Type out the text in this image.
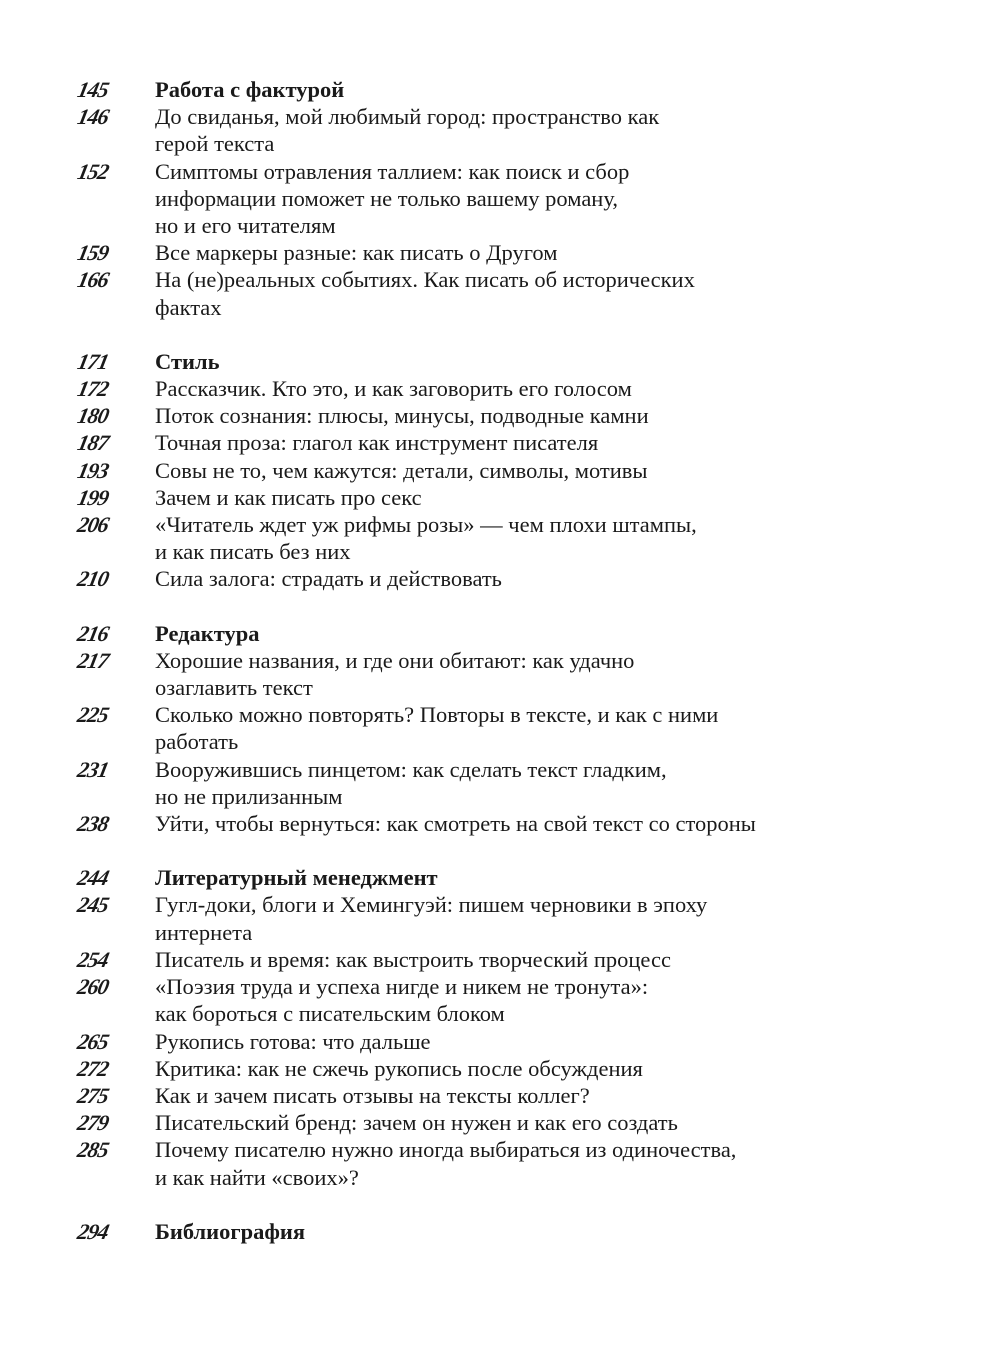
145	Работа с фактурой
146	До свиданья, мой любимый город: пространство как
герой текста
152	Симптомы отравления таллием: как поиск и сбор
информации поможет не только вашему роману,
но и его читателям
159	Все маркеры разные: как писать о Другом
166	На (не)реальных событиях. Как писать об исторических
фактах
171	Стиль
172	Рассказчик. Кто это, и как заговорить его голосом
180	Поток сознания: плюсы, минусы, подводные камни
187	Точная проза: глагол как инструмент писателя
193	Совы не то, чем кажутся: детали, символы, мотивы
199	Зачем и как писать про секс
206	«Читатель ждет уж рифмы розы» — чем плохи штампы,
и как писать без них
210	Сила залога: страдать и действовать
216	Редактура
217	Хорошие названия, и где они обитают: как удачно
озаглавить текст
225	Сколько можно повторять? Повторы в тексте, и как с ними
работать
231	Вооружившись пинцетом: как сделать текст гладким,
но не прилизанным
238	Уйти, чтобы вернуться: как смотреть на свой текст со стороны
244	Литературный менеджмент
245	Гугл-доки, блоги и Хемингуэй: пишем черновики в эпоху
интернета
254	Писатель и время: как выстроить творческий процесс
260	«Поэзия труда и успеха нигде и никем не тронута»:
как бороться с писательским блоком
265	Рукопись готова: что дальше
272	Критика: как не сжечь рукопись после обсуждения
275	Как и зачем писать отзывы на тексты коллег?
279	Писательский бренд: зачем он нужен и как его создать
285	Почему писателю нужно иногда выбираться из одиночества,
и как найти «своих»?
294	Библиография
